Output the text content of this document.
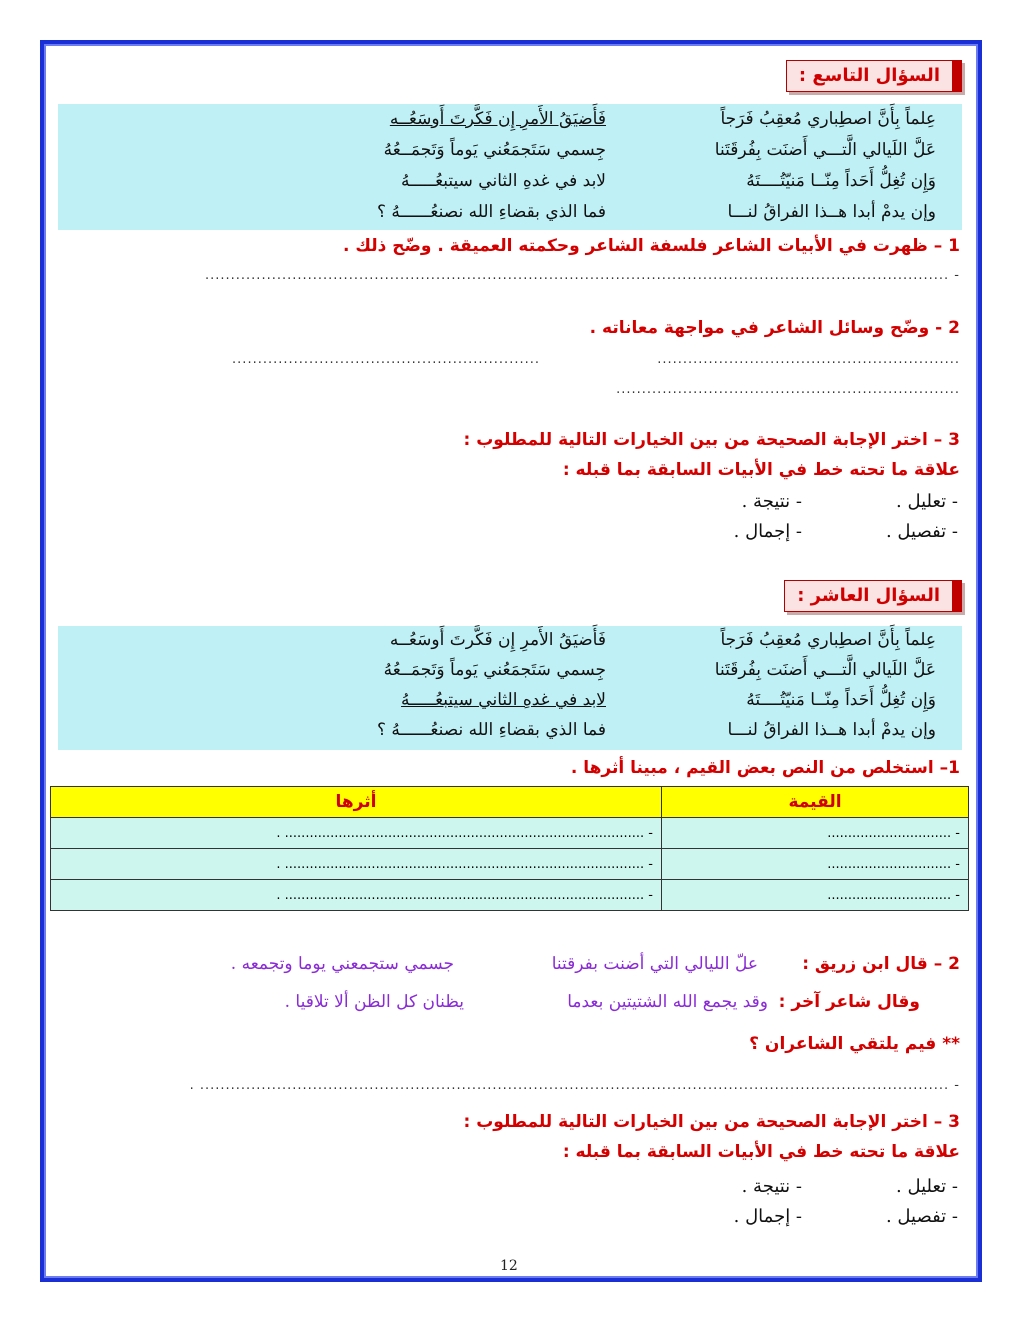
السؤال التاسع :
عِلماً بِأَنَّ اصطِباري مُعقِبُ فَرَجاً
فَأَضيَقُ الأَمرِ إِن فَكَّرتَ أَوسَعُــه
عَلَّ اللَيالي الَّتـــي أَضنَت بِفُرقَتَنا
جِسمي سَتَجمَعُني يَوماً وَتَجمَــعُهُ
وَإِن تُغِلُّ أَحَداً مِنّــا مَنيّتُــــتَهُ
لابد في غدهِ الثاني سيتبعُـــــهُ
وإن يدمْ أبدا هــذا الفراقُ لنـــا
فما الذي بقضاءِ الله نصنعُــــــهُ ؟
1 – ظهرت في الأبيات الشاعر فلسفة الشاعر وحكمته العميقة . وضّح ذلك .
- .................................................................................................................................................
2 - وضّح وسائل الشاعر في مواجهة معاناته .
...........................................................
............................................................
...................................................................
3 – اختر الإجابة الصحيحة من بين الخيارات التالية للمطلوب :
علاقة ما تحته خط في الأبيات السابقة بما قبله :
- تعليل .
- نتيجة .
- تفصيل .
- إجمال .
السؤال العاشر :
عِلماً بِأَنَّ اصطِباري مُعقِبُ فَرَجاً
فَأَضيَقُ الأَمرِ إِن فَكَّرتَ أَوسَعُــه
عَلَّ اللَيالي الَّتـــي أَضنَت بِفُرقَتَنا
جِسمي سَتَجمَعُني يَوماً وَتَجمَــعُهُ
وَإِن تُغِلُّ أَحَداً مِنّــا مَنيّتُــــتَهُ
لابد في غدهِ الثاني سيتبعُـــــهُ
وإن يدمْ أبدا هــذا الفراقُ لنـــا
فما الذي بقضاءِ الله نصنعُــــــهُ ؟
1– استخلص من النص بعض القيم ، مبينا أثرها .
القيمة	أثرها
- ..............................	- ....................................................................................... .
- ..............................	- ....................................................................................... .
- ..............................	- ....................................................................................... .
2 – قال ابن زريق :
علّ الليالي التي أضنت بفرقتنا
جسمي ستجمعني يوما وتجمعه .
وقال شاعر آخر :
وقد يجمع الله الشتيتين بعدما
يظنان كل الظن ألا تلاقيا .
** فيم يلتقي الشاعران ؟
- .................................................................................................................................................. .
3 – اختر الإجابة الصحيحة من بين الخيارات التالية للمطلوب :
علاقة ما تحته خط في الأبيات السابقة بما قبله :
- تعليل .
- نتيجة .
- تفصيل .
- إجمال .
12
